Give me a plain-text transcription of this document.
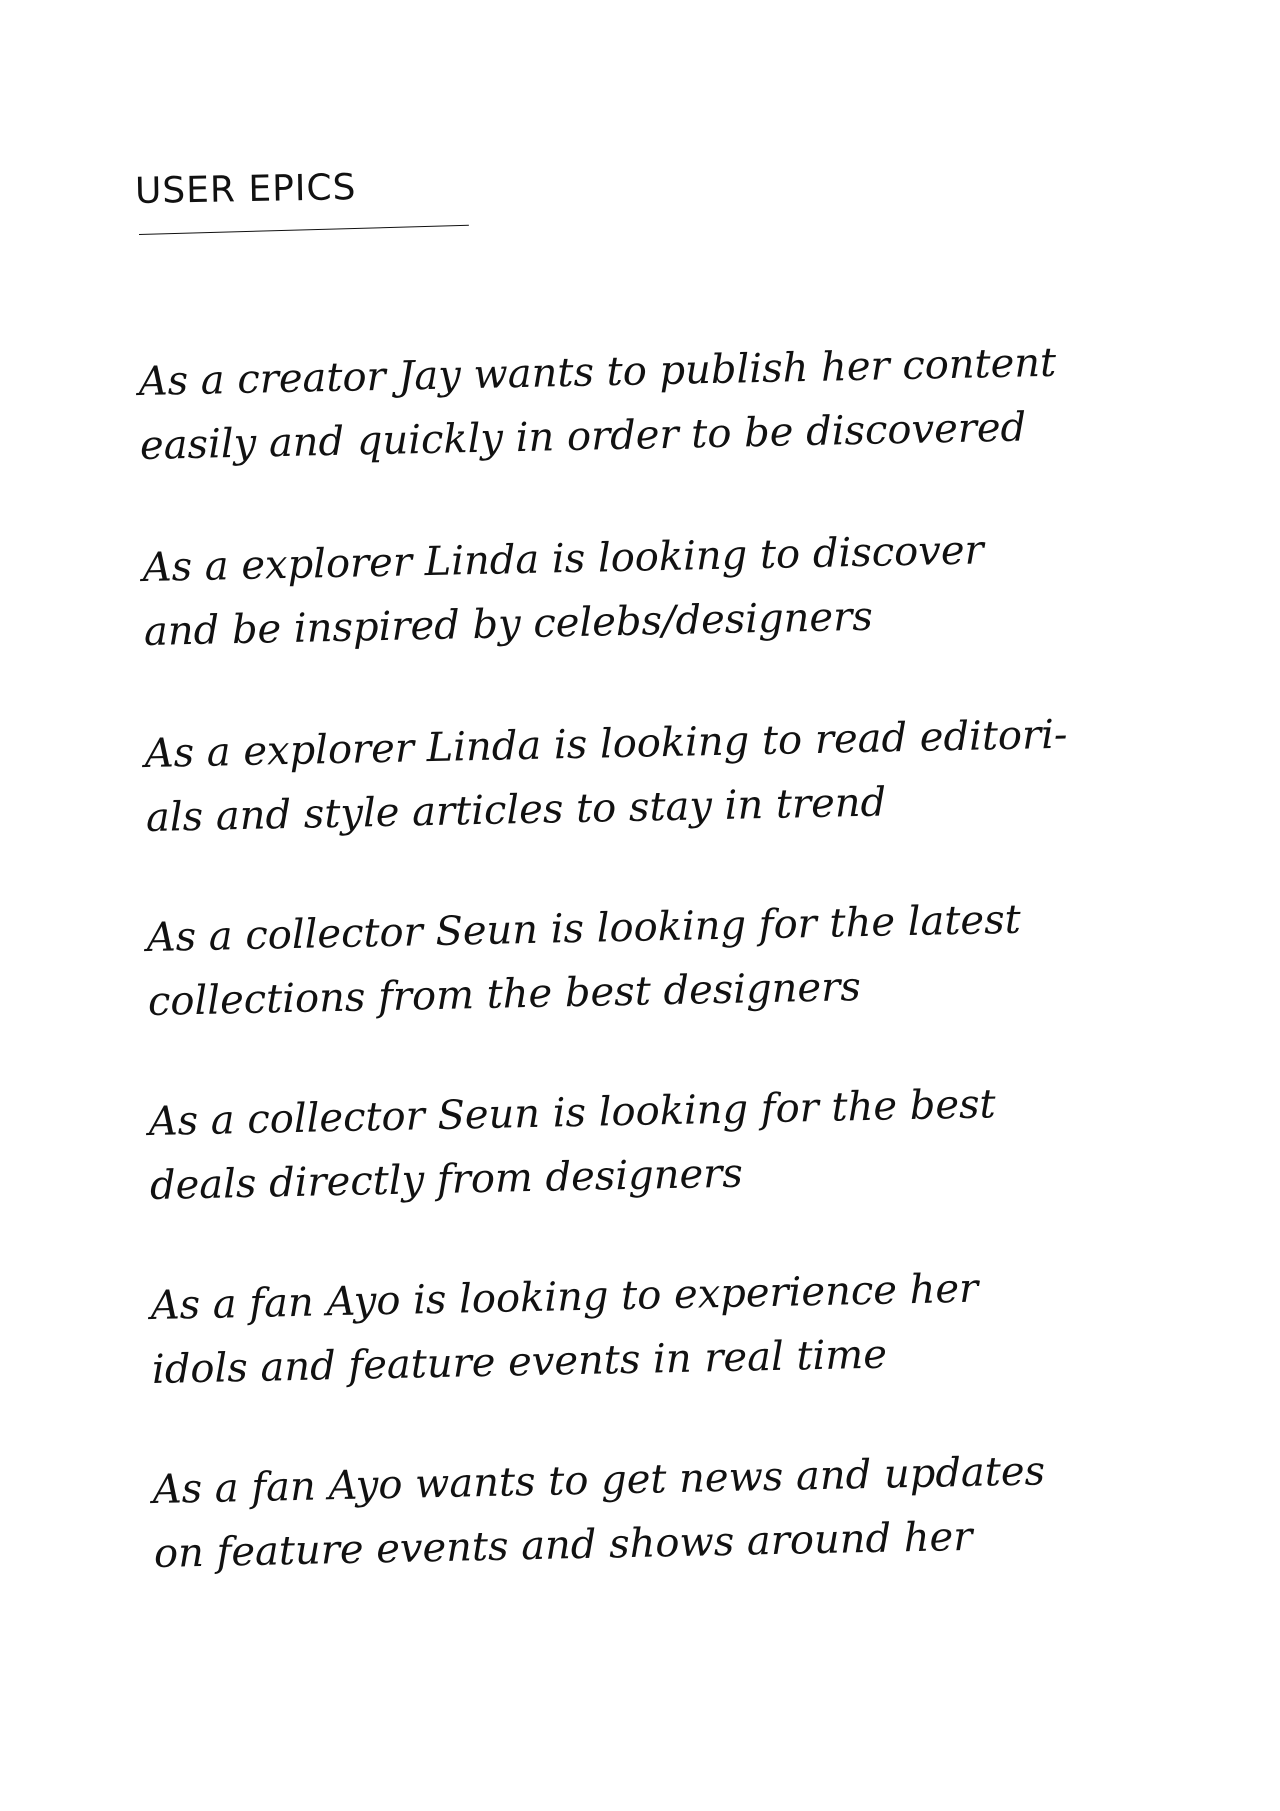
USER EPICS

As a creator Jay wants to publish her content
easily and quickly in order to be discovered

As a explorer Linda is looking to discover
and be inspired by celebs/designers

As a explorer Linda is looking to read editori-
als and style articles to stay in trend

As a collector Seun is looking for the latest
collections from the best designers

As a collector Seun is looking for the best
deals directly from designers

As a fan Ayo is looking to experience her
idols and feature events in real time

As a fan Ayo wants to get news and updates
on feature events and shows around her
